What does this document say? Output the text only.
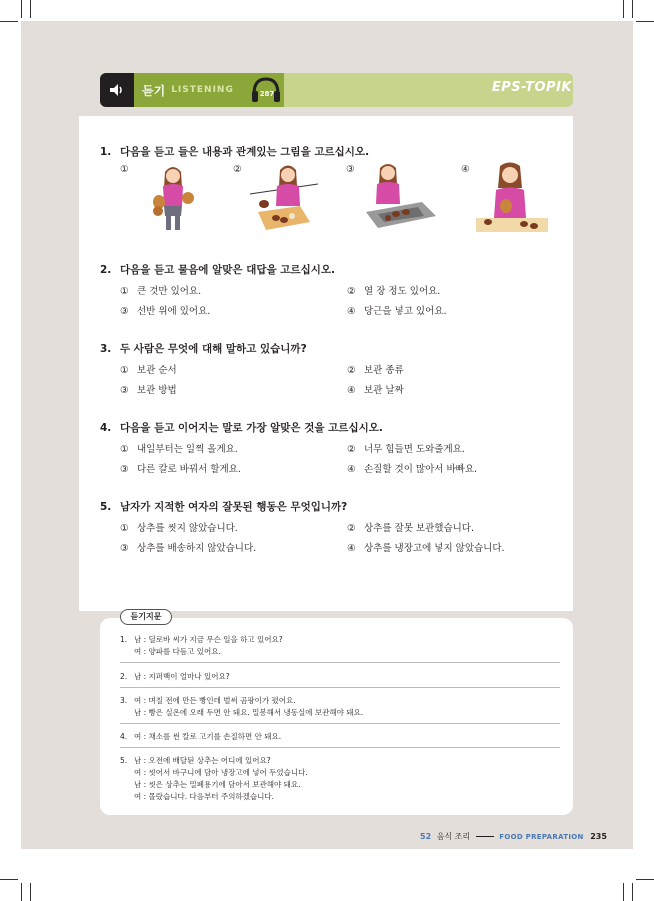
듣기 LISTENING	287	EPS-TOPIK
1. 다음을 듣고 들은 내용과 관계있는 그림을 고르십시오.
①	②	③	④
2. 다음을 듣고 물음에 알맞은 대답을 고르십시오.
① 큰 것만 있어요.	② 열 장 정도 있어요.
③ 선반 위에 있어요.	④ 당근을 넣고 있어요.
3. 두 사람은 무엇에 대해 말하고 있습니까?
① 보관 순서	② 보관 종류
③ 보관 방법	④ 보관 날짜
4. 다음을 듣고 이어지는 말로 가장 알맞은 것을 고르십시오.
① 내일부터는 일찍 올게요.	② 너무 힘들면 도와줄게요.
③ 다른 칼로 바꿔서 할게요.	④ 손질할 것이 많아서 바빠요.
5. 남자가 지적한 여자의 잘못된 행동은 무엇입니까?
① 상추를 씻지 않았습니다.	② 상추를 잘못 보관했습니다.
③ 상추를 배송하지 않았습니다.	④ 상추를 냉장고에 넣지 않았습니다.
듣기지문
1. 남 : 딜로바 씨가 지금 무슨 일을 하고 있어요?
여 : 양파를 다듬고 있어요.
2. 남 : 지퍼백이 얼마나 있어요?
3. 여 : 며칠 전에 만든 빵인데 벌써 곰팡이가 폈어요.
남 : 빵은 실온에 오래 두면 안 돼요. 밀봉해서 냉동실에 보관해야 돼요.
4. 여 : 채소를 썬 칼로 고기를 손질하면 안 돼요.
5. 남 : 오전에 배달된 상추는 어디에 있어요?
여 : 씻어서 바구니에 담아 냉장고에 넣어 두었습니다.
남 : 씻은 상추는 밀폐용기에 담아서 보관해야 돼요.
여 : 몰랐습니다. 다음부터 주의하겠습니다.
52 음식 조리	FOOD PREPARATION 235
